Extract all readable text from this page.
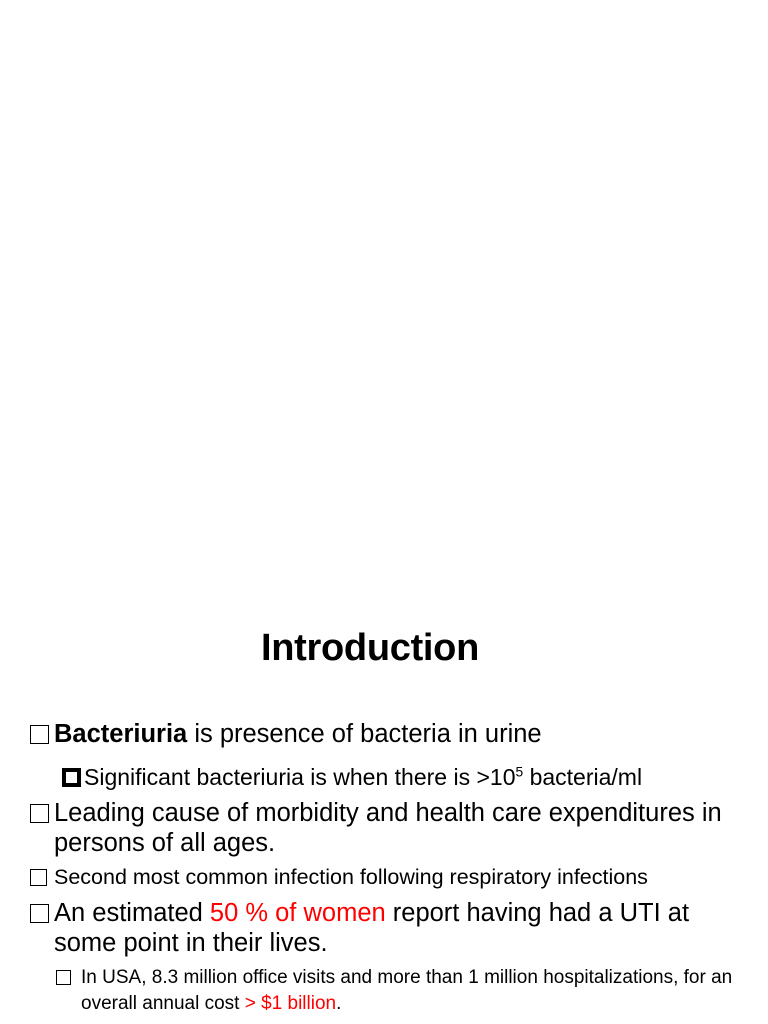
Introduction
Bacteriuria is presence of bacteria in urine
Significant bacteriuria is when there is $>10^5$ bacteria/ml
Leading cause of morbidity and health care expenditures in persons of all ages.
Second most common infection following respiratory infections
An estimated 50 % of women report having had a UTI at some point in their lives.
In USA, 8.3 million office visits and more than 1 million hospitalizations, for an overall annual cost > $1 billion.
